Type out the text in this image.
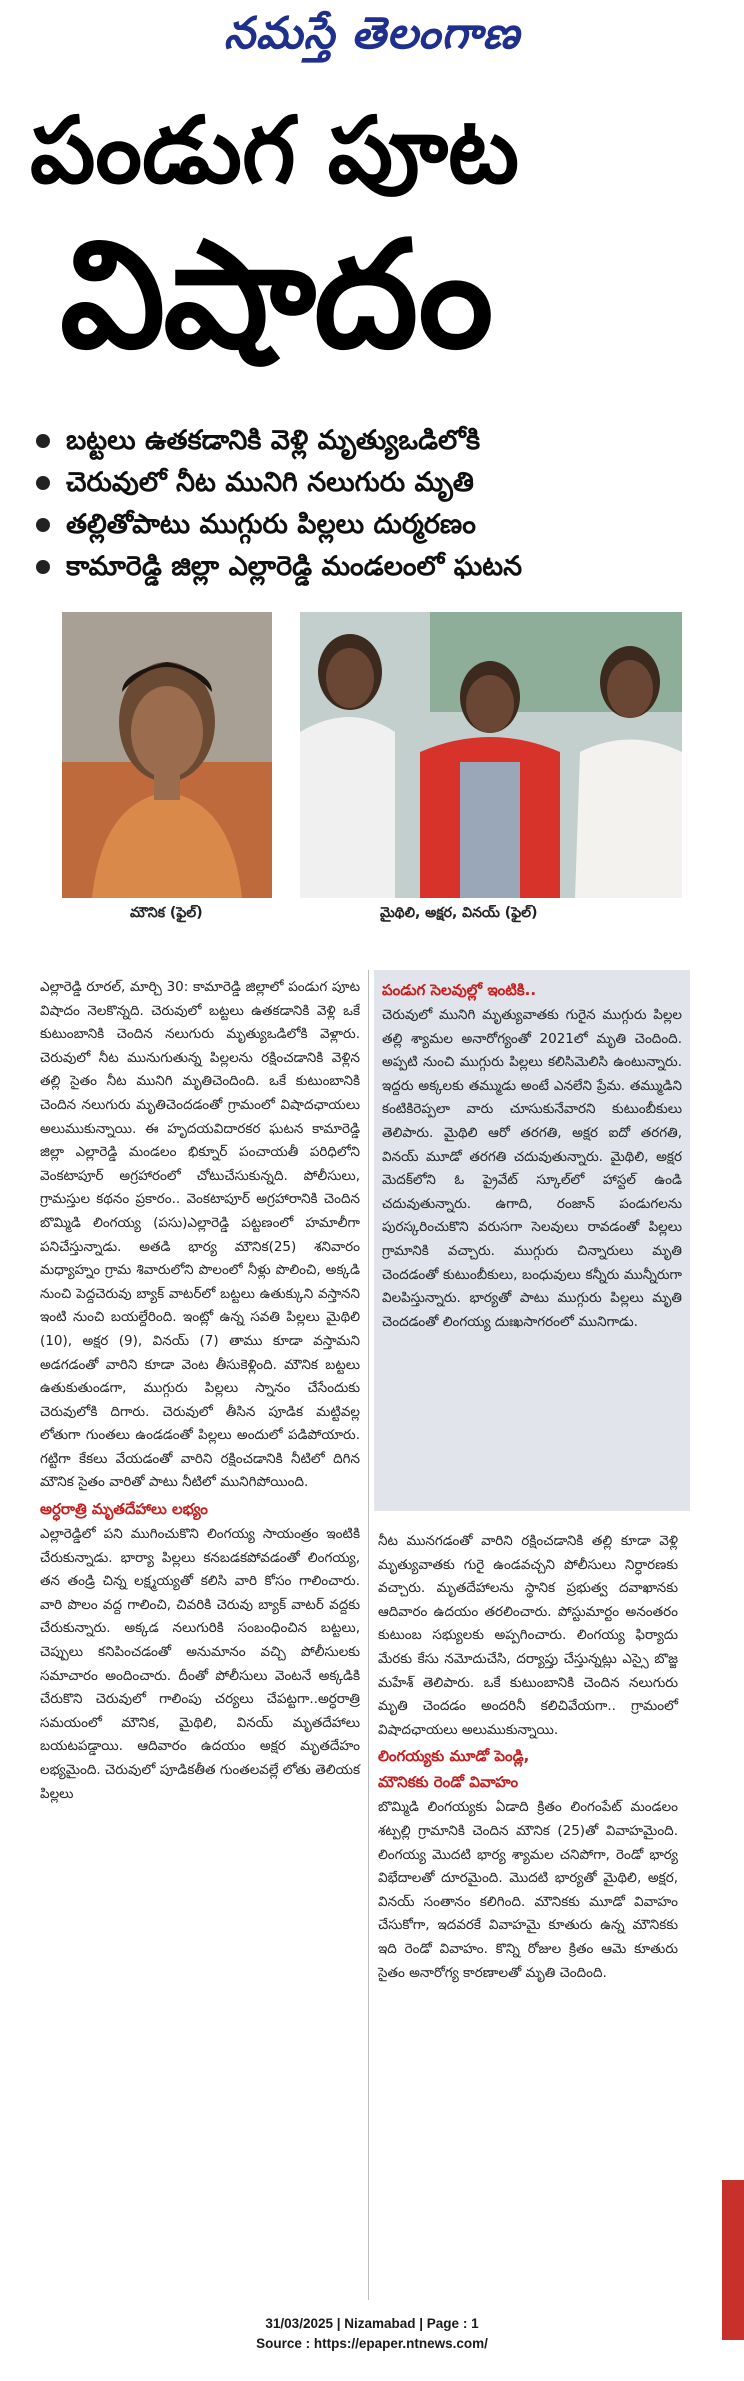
నమస్తే తెలంగాణ
పండుగ పూట
విషాదం
బట్టలు ఉతకడానికి వెళ్లి మృత్యుఒడిలోకి
చెరువులో నీట మునిగి నలుగురు మృతి
తల్లితోపాటు ముగ్గురు పిల్లలు దుర్మరణం
కామారెడ్డి జిల్లా ఎల్లారెడ్డి మండలంలో ఘటన
మౌనిక (ఫైల్)	మైథిలి, అక్షర, వినయ్ (ఫైల్)

ఎల్లారెడ్డి రూరల్, మార్చి 30: కామారెడ్డి జిల్లాలో పండుగ పూట విషాదం నెలకొన్నది. చెరువులో బట్టలు ఉతకడానికి వెళ్లి ఒకే కుటుంబానికి చెందిన నలుగురు మృత్యుఒడిలోకి వెళ్లారు. చెరువులో నీట మునుగుతున్న పిల్లలను రక్షించడానికి వెళ్లిన తల్లి సైతం నీట మునిగి మృతిచెందింది. ఒకే కుటుంబానికి చెందిన నలుగురు మృతిచెందడంతో గ్రామంలో విషాదఛాయలు అలుముకున్నాయి. ఈ హృదయవిదారకర ఘటన కామారెడ్డి జిల్లా ఎల్లారెడ్డి మండలం భిక్నూర్ పంచాయతీ పరిధిలోని వెంకటాపూర్ అగ్రహారంలో చోటుచేసుకున్నది. పోలీసులు, గ్రామస్తుల కథనం ప్రకారం.. వెంకటాపూర్ అగ్రహారానికి చెందిన బొమ్మిడి లింగయ్య (పసు)ఎల్లారెడ్డి పట్టణంలో హమాలీగా పనిచేస్తున్నాడు. అతడి భార్య మౌనిక(25) శనివారం మధ్యాహ్నం గ్రామ శివారులోని పొలంలో నీళ్లు పొలించి, అక్కడి నుంచి పెద్దచెరువు బ్యాక్ వాటర్‌లో బట్టలు ఉతుక్కుని వస్తానని ఇంటి నుంచి బయల్దేరింది. ఇంట్లో ఉన్న సవతి పిల్లలు మైథిలి (10), అక్షర (9), వినయ్ (7) తాము కూడా వస్తామని అడగడంతో వారిని కూడా వెంట తీసుకెళ్లింది. మౌనిక బట్టలు ఉతుకుతుండగా, ముగ్గురు పిల్లలు స్నానం చేసేందుకు చెరువులోకి దిగారు. చెరువులో తీసిన పూడిక మట్టివల్ల లోతుగా గుంతలు ఉండడంతో పిల్లలు అందులో పడిపోయారు. గట్టిగా కేకలు వేయడంతో వారిని రక్షించడానికి నీటిలో దిగిన మౌనిక సైతం వారితో పాటు నీటిలో మునిగిపోయింది.

అర్ధరాత్రి మృతదేహాలు లభ్యం

ఎల్లారెడ్డిలో పని ముగించుకొని లింగయ్య సాయంత్రం ఇంటికి చేరుకున్నాడు. భార్యా పిల్లలు కనబడకపోవడంతో లింగయ్య, తన తండ్రి చిన్న లక్ష్మయ్యతో కలిసి వారి కోసం గాలించారు. వారి పొలం వద్ద గాలించి, చివరికి చెరువు బ్యాక్ వాటర్ వద్దకు చేరుకున్నారు. అక్కడ నలుగురికి సంబంధించిన బట్టలు, చెప్పులు కనిపించడంతో అనుమానం వచ్చి పోలీసులకు సమాచారం అందించారు. దీంతో పోలీసులు వెంటనే అక్కడికి చేరుకొని చెరువులో గాలింపు చర్యలు చేపట్టగా..అర్ధరాత్రి సమయంలో మౌనిక, మైథిలి, వినయ్ మృతదేహాలు బయటపడ్డాయి. ఆదివారం ఉదయం అక్షర మృతదేహం లభ్యమైంది. చెరువులో పూడికతీత గుంతలవల్లే లోతు తెలియక పిల్లలు

పండుగ సెలవుల్లో ఇంటికి..

చెరువులో మునిగి మృత్యువాతకు గురైన ముగ్గురు పిల్లల తల్లి శ్యామల అనారోగ్యంతో 2021లో మృతి చెందింది. అప్పటి నుంచి ముగ్గురు పిల్లలు కలిసిమెలిసి ఉంటున్నారు. ఇద్దరు అక్కలకు తమ్ముడు అంటే ఎనలేని ప్రేమ. తమ్ముడిని కంటికిరెప్పలా వారు చూసుకునేవారని కుటుంబీకులు తెలిపారు. మైథిలి ఆరో తరగతి, అక్షర ఐదో తరగతి, వినయ్ మూడో తరగతి చదువుతున్నారు. మైథిలి, అక్షర మెదక్‌లోని ఓ ప్రైవేట్ స్కూల్‌లో హాస్టల్ ఉండి చదువుతున్నారు. ఉగాది, రంజాన్ పండుగలను పురస్కరించుకొని వరుసగా సెలవులు రావడంతో పిల్లలు గ్రామానికి వచ్చారు. ముగ్గురు చిన్నారులు మృతి చెందడంతో కుటుంబీకులు, బంధువులు కన్నీరు మున్నీరుగా విలపిస్తున్నారు. భార్యతో పాటు ముగ్గురు పిల్లలు మృతి చెందడంతో లింగయ్య దుఃఖసాగరంలో మునిగాడు.

నీట మునగడంతో వారిని రక్షించడానికి తల్లి కూడా వెళ్లి మృత్యువాతకు గురై ఉండవచ్చని పోలీసులు నిర్ధారణకు వచ్చారు. మృతదేహాలను స్థానిక ప్రభుత్వ దవాఖానకు ఆదివారం ఉదయం తరలించారు. పోస్టుమార్టం అనంతరం కుటుంబ సభ్యులకు అప్పగించారు. లింగయ్య ఫిర్యాదు మేరకు కేసు నమోదుచేసి, దర్యాప్తు చేస్తున్నట్లు ఎస్సై బొజ్జ మహేశ్ తెలిపారు. ఒకే కుటుంబానికి చెందిన నలుగురు మృతి చెందడం అందరినీ కలిచివేయగా.. గ్రామంలో విషాదఛాయలు అలుముకున్నాయి.

లింగయ్యకు మూడో పెండ్లి,
మౌనికకు రెండో వివాహం

బొమ్మిడి లింగయ్యకు ఏడాది క్రితం లింగంపేట్ మండలం శట్పల్లి గ్రామానికి చెందిన మౌనిక (25)తో వివాహమైంది. లింగయ్య మొదటి భార్య శ్యామల చనిపోగా, రెండో భార్య విభేదాలతో దూరమైంది. మొదటి భార్యతో మైథిలి, అక్షర, వినయ్ సంతానం కలిగింది. మౌనికకు మూడో వివాహం చేసుకోగా, ఇదవరకే వివాహమై కూతురు ఉన్న మౌనికకు ఇది రెండో వివాహం. కొన్ని రోజుల క్రితం ఆమె కూతురు సైతం అనారోగ్య కారణాలతో మృతి చెందింది.

31/03/2025 | Nizamabad | Page : 1
Source : https://epaper.ntnews.com/
